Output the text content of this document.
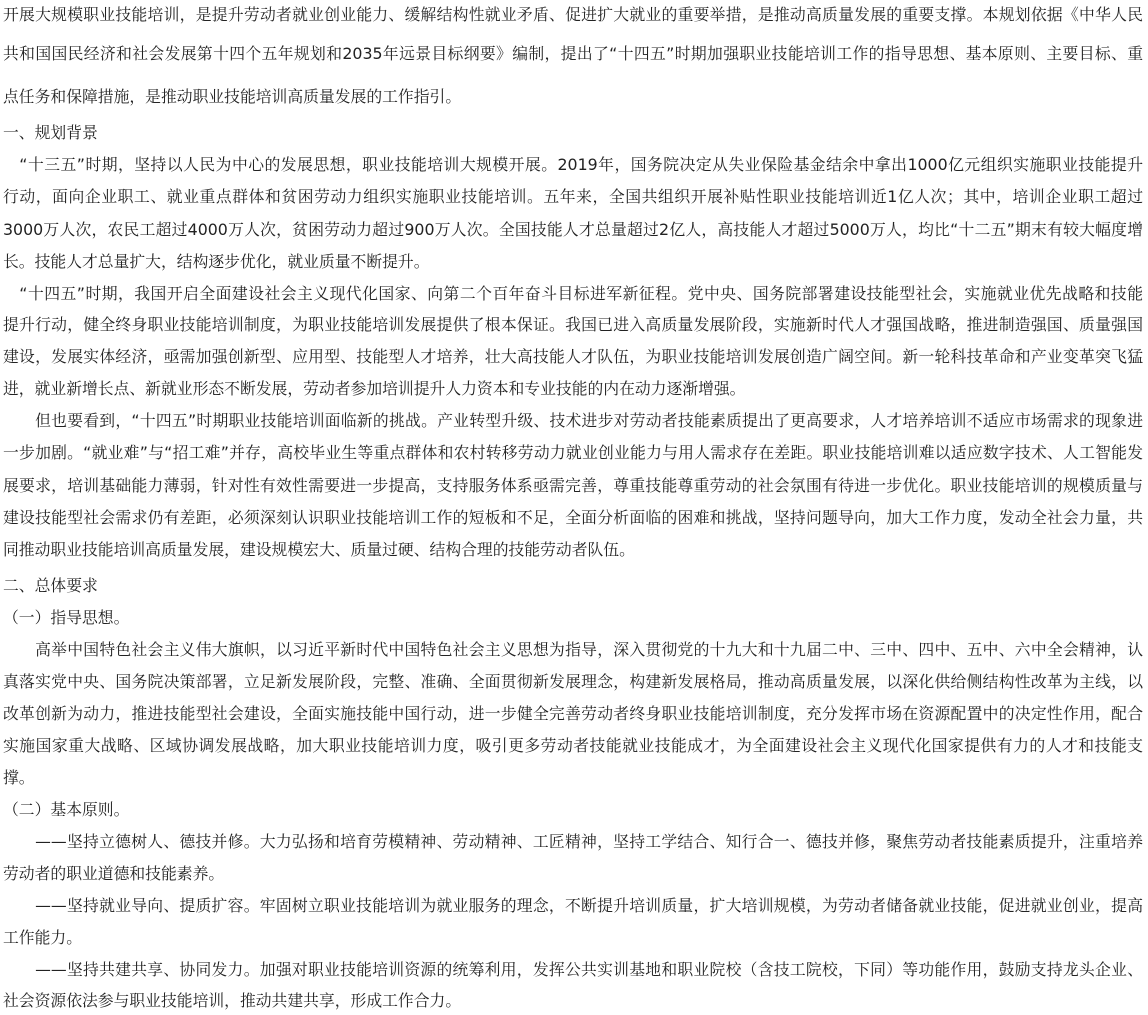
开展大规模职业技能培训，是提升劳动者就业创业能力、缓解结构性就业矛盾、促进扩大就业的重要举措，是推动高质量发展的重要支撑。本规划依据《中华人民
共和国国民经济和社会发展第十四个五年规划和2035年远景目标纲要》编制，提出了“十四五”时期加强职业技能培训工作的指导思想、基本原则、主要目标、重
点任务和保障措施，是推动职业技能培训高质量发展的工作指引。
一、规划背景
　“十三五”时期，坚持以人民为中心的发展思想，职业技能培训大规模开展。2019年，国务院决定从失业保险基金结余中拿出1000亿元组织实施职业技能提升
行动，面向企业职工、就业重点群体和贫困劳动力组织实施职业技能培训。五年来，全国共组织开展补贴性职业技能培训近1亿人次；其中，培训企业职工超过
3000万人次，农民工超过4000万人次，贫困劳动力超过900万人次。全国技能人才总量超过2亿人，高技能人才超过5000万人，均比“十二五”期末有较大幅度增
长。技能人才总量扩大，结构逐步优化，就业质量不断提升。
　“十四五”时期，我国开启全面建设社会主义现代化国家、向第二个百年奋斗目标进军新征程。党中央、国务院部署建设技能型社会，实施就业优先战略和技能
提升行动，健全终身职业技能培训制度，为职业技能培训发展提供了根本保证。我国已进入高质量发展阶段，实施新时代人才强国战略，推进制造强国、质量强国
建设，发展实体经济，亟需加强创新型、应用型、技能型人才培养，壮大高技能人才队伍，为职业技能培训发展创造广阔空间。新一轮科技革命和产业变革突飞猛
进，就业新增长点、新就业形态不断发展，劳动者参加培训提升人力资本和专业技能的内在动力逐渐增强。
　　但也要看到，“十四五”时期职业技能培训面临新的挑战。产业转型升级、技术进步对劳动者技能素质提出了更高要求，人才培养培训不适应市场需求的现象进
一步加剧。“就业难”与“招工难”并存，高校毕业生等重点群体和农村转移劳动力就业创业能力与用人需求存在差距。职业技能培训难以适应数字技术、人工智能发
展要求，培训基础能力薄弱，针对性有效性需要进一步提高，支持服务体系亟需完善，尊重技能尊重劳动的社会氛围有待进一步优化。职业技能培训的规模质量与
建设技能型社会需求仍有差距，必须深刻认识职业技能培训工作的短板和不足，全面分析面临的困难和挑战，坚持问题导向，加大工作力度，发动全社会力量，共
同推动职业技能培训高质量发展，建设规模宏大、质量过硬、结构合理的技能劳动者队伍。
二、总体要求
（一）指导思想。
　　高举中国特色社会主义伟大旗帜，以习近平新时代中国特色社会主义思想为指导，深入贯彻党的十九大和十九届二中、三中、四中、五中、六中全会精神，认
真落实党中央、国务院决策部署，立足新发展阶段，完整、准确、全面贯彻新发展理念，构建新发展格局，推动高质量发展，以深化供给侧结构性改革为主线，以
改革创新为动力，推进技能型社会建设，全面实施技能中国行动，进一步健全完善劳动者终身职业技能培训制度，充分发挥市场在资源配置中的决定性作用，配合
实施国家重大战略、区域协调发展战略，加大职业技能培训力度，吸引更多劳动者技能就业技能成才，为全面建设社会主义现代化国家提供有力的人才和技能支
撑。
（二）基本原则。
　　——坚持立德树人、德技并修。大力弘扬和培育劳模精神、劳动精神、工匠精神，坚持工学结合、知行合一、德技并修，聚焦劳动者技能素质提升，注重培养
劳动者的职业道德和技能素养。
　　——坚持就业导向、提质扩容。牢固树立职业技能培训为就业服务的理念，不断提升培训质量，扩大培训规模，为劳动者储备就业技能，促进就业创业，提高
工作能力。
　　——坚持共建共享、协同发力。加强对职业技能培训资源的统筹利用，发挥公共实训基地和职业院校（含技工院校，下同）等功能作用，鼓励支持龙头企业、
社会资源依法参与职业技能培训，推动共建共享，形成工作合力。
